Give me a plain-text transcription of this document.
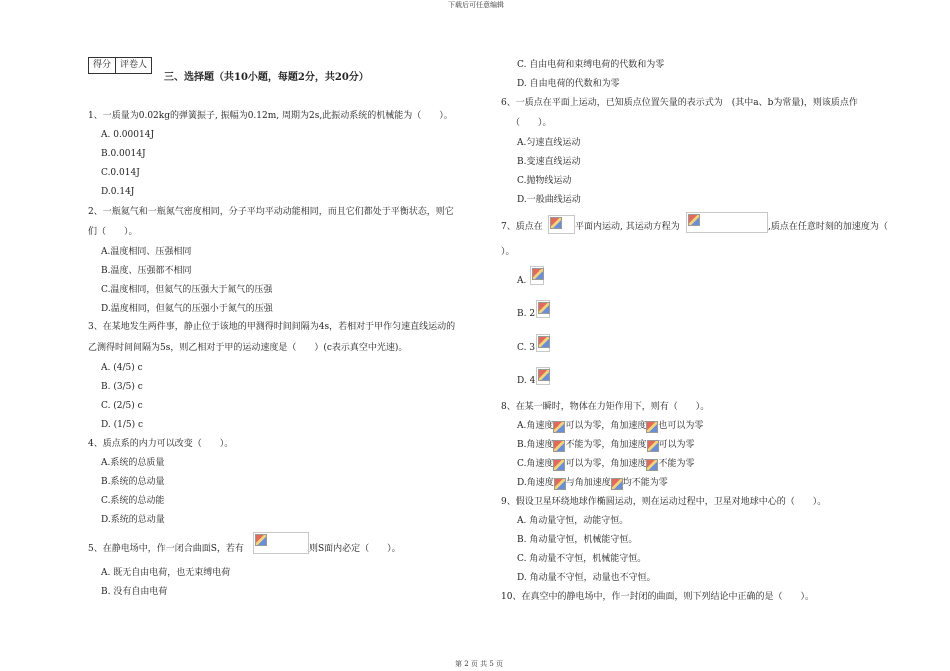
下载后可任意编辑
第 2 页 共 5 页
得分 评卷人
三、选择题（共10小题，每题2分，共20分）
1、一质量为0.02kg的弹簧振子, 振幅为0.12m, 周期为2s,此振动系统的机械能为（　　）。
A. 0.00014J
B.0.0014J
C.0.014J
D.0.14J
2、一瓶氦气和一瓶氮气密度相同，分子平均平动动能相同，而且它们都处于平衡状态，则它
们（　　）。
A.温度相同、压强相同
B.温度、压强都不相同
C.温度相同，但氦气的压强大于氮气的压强
D.温度相同，但氦气的压强小于氮气的压强
3、在某地发生两件事，静止位于该地的甲测得时间间隔为4s，若相对于甲作匀速直线运动的
乙测得时间间隔为5s，则乙相对于甲的运动速度是（　　）(c表示真空中光速)。
A. (4/5) c
B. (3/5) c
C. (2/5) c
D. (1/5) c
4、质点系的内力可以改变（　　）。
A.系统的总质量
B.系统的总动量
C.系统的总动能
D.系统的总动量
5、在静电场中，作一闭合曲面S，若有	则S面内必定（　　）。
A. 既无自由电荷，也无束缚电荷
B. 没有自由电荷
C. 自由电荷和束缚电荷的代数和为零
D. 自由电荷的代数和为零
6、一质点在平面上运动，已知质点位置矢量的表示式为　(其中a、b为常量)，则该质点作
（　　）。
A.匀速直线运动
B.变速直线运动
C.抛物线运动
D.一般曲线运动
7、质点在	平面内运动, 其运动方程为	,质点在任意时刻的加速度为（
）。
A.
B. 2
C. 3
D. 4
8、在某一瞬时，物体在力矩作用下，则有（　　）。
A.角速度 可以为零，角加速度 也可以为零
B.角速度 不能为零，角加速度 可以为零
C.角速度 可以为零，角加速度 不能为零
D.角速度 与角加速度 均不能为零
9、假设卫星环绕地球作椭圆运动，则在运动过程中，卫星对地球中心的（　　）。
A. 角动量守恒，动能守恒。
B. 角动量守恒，机械能守恒。
C. 角动量不守恒，机械能守恒。
D. 角动量不守恒，动量也不守恒。
10、在真空中的静电场中，作一封闭的曲面，则下列结论中正确的是（　　）。
